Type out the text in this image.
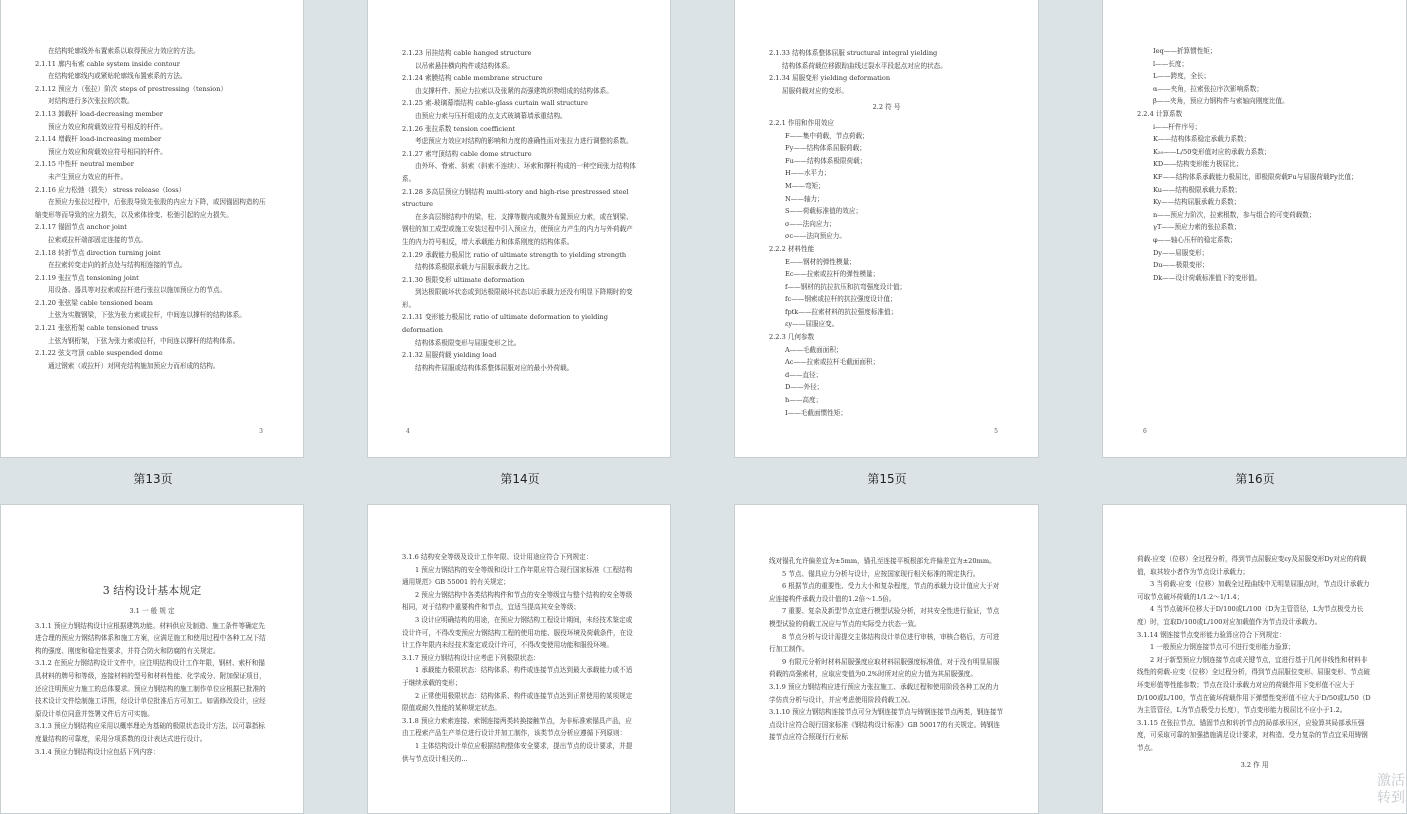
在结构轮廓线外布置索系以取得预应力效应的方法。

2.1.11 廓内布索 cable system inside contour

在结构轮廓线内或紧贴轮廓线布置索系的方法。

2.1.12 预应力（张拉）阶次 steps of prestressing（tension）

对结构进行多次张拉的次数。

2.1.13 卸载杆 load-decreasing member

预应力效应和荷载效应符号相反的杆件。

2.1.14 增载杆 load-increasing member

预应力效应和荷载效应符号相同的杆件。

2.1.15 中性杆 neutral member

未产生预应力效应的杆件。

2.1.16 应力松弛（损失） stress release（loss）

在预应力张拉过程中，后张股导致先张股的内应力下降，或因锚固构造的压缩变形等而导致的应力损失，以及索体徐变、松弛引起的应力损失。

2.1.17 锚固节点 anchor joint

拉索或拉杆端部固定连接的节点。

2.1.18 转折节点 direction turning joint

在拉索转变走向的折点处与结构相连接的节点。

2.1.19 张拉节点 tensioning joint

用设备、器具等对拉索或拉杆进行张拉以施加预应力的节点。

2.1.20 张弦梁 cable tensioned beam

上弦为实腹钢梁，下弦为张力索或拉杆，中间连以撑杆的结构体系。

2.1.21 张弦桁架 cable tensioned truss

上弦为钢桁架，下弦为张力索或拉杆，中间连以撑杆的结构体系。

2.1.22 弦支穹顶 cable suspended dome

通过钢索（或拉杆）对网壳结构施加预应力而形成的结构。

3

2.1.23 吊挂结构 cable hanged structure

以吊索悬挂横向构件或结构体系。

2.1.24 索膜结构 cable membrane structure

由支撑杆件、预应力拉索以及张紧的高强建筑织物组成的结构体系。

2.1.25 索-玻璃幕墙结构 cable-glass curtain wall structure

由预应力索与压杆组成的点支式玻璃幕墙承重结构。

2.1.26 张拉系数 tension coefficient

考虑预应力效应对结构的影响和力度的准确性而对张拉力进行调整的系数。

2.1.27 索穹顶结构 cable dome structure

由外环、脊索、斜索（斜索不连续）、环索和撑杆构成的一种空间张力结构体系。

2.1.28 多高层预应力钢结构 multi-story and high-rise prestressed steel structure

在多高层钢结构中的梁、柱、支撑等腹内或腹外布置预应力索，或在钢梁、钢柱的加工成型或施工安装过程中引入预应力，使预应力产生的内力与外荷载产生的内力符号相反，增大承载能力和体系刚度的结构体系。

2.1.29 承载能力极屈比 ratio of ultimate strength to yielding strength

结构体系极限承载力与屈服承载力之比。

2.1.30 极限变形 ultimate deformation

到达极限破坏状态或到达极限破坏状态以后承载力还没有明显下降期时的变形。

2.1.31 变形能力极屈比 ratio of ultimate deformation to yielding deformation

结构体系极限变形与屈服变形之比。

2.1.32 屈服荷载 yielding load

结构构件屈服或结构体系整体屈服对应的最小外荷载。

4

2.1.33 结构体系整体屈服 structural integral yielding

结构体系荷载位移跟踪曲线过裂水平段起点对应的状态。

2.1.34 屈服变形 yielding deformation

屈服荷载对应的变形。

2.2 符 号

2.2.1 作用和作用效应

F——集中荷载，节点荷载；

Fy——结构体系屈服荷载；

Fu——结构体系极限荷载；

H——水平力；

M——弯矩；

N——轴力；

S——荷载标准值的效应；

σ——法向应力；

σc——法向预应力。

2.2.2 材料性能

E——钢材的弹性模量；

Ec——拉索或拉杆的弹性模量；

f——钢材的抗拉抗压和抗弯强度设计值；

fc——钢索或拉杆的抗拉强度设计值；

fptk——拉索材料的抗拉强度标准值；

εy——屈服应变。

2.2.3 几何参数

A——毛截面面积；

Ac——拉索或拉杆毛截面面积；

d——直径；

D——外径；

h——高度；

I——毛截面惯性矩；

5

Ieq——折算惯性矩；

l——长度；

L——跨度，全长；

α——夹角，拉索张拉序次影响系数；

β——夹角，预应力钢构件与索轴向刚度比值。

2.2.4 计算系数

i——杆件序号；

K——结构体系稳定承载力系数；

K₅₀——L/50变形值对应的承载力系数；

KD——结构变形能力极屈比；

KF——结构体系承载能力极屈比，即极限荷载Fu与屈服荷载Fy比值；

Ku——结构极限承载力系数；

Ky——结构屈服承载力系数；

n——预应力阶次，拉索根数，参与组合的可变荷载数；

γT——预应力索的张拉系数；

φ——轴心压杆的稳定系数；

Dy——屈服变形；

Du——极限变形；

Dk——设计荷载标准值下的变形值。

6
第13页	第14页	第15页	第16页

3 结构设计基本规定

3.1 一 般 规 定

3.1.1 预应力钢结构设计应根据建筑功能、材料供应及制造、施工条件等确定先进合理的预应力钢结构体系和施工方案，应满足施工和使用过程中各种工况下结构的强度、刚度和稳定性要求，并符合防火和防腐的有关规定。

3.1.2 在预应力钢结构设计文件中，应注明结构设计工作年限，钢材、索杆和锚具材料的牌号和等级，连接材料的型号和材料性能、化学成分、附加保证项目，还应注明预应力施工的总体要求。预应力钢结构的施工制作单位应根据已批准的技术设计文件绘制施工详图，经设计单位批准后方可加工。如需修改设计，应经原设计单位同意并签署文件后方可实施。

3.1.3 预应力钢结构应采用以概率理论为基础的极限状态设计方法，以可靠指标度量结构的可靠度，采用分项系数的设计表达式进行设计。

3.1.4 预应力钢结构设计应包括下列内容：

3.1.6 结构安全等级及设计工作年限、设计用途应符合下列规定：

1 预应力钢结构的安全等级和设计工作年限应符合现行国家标准《工程结构通用规范》GB 55001 的有关规定；

2 预应力钢结构中各类结构构件和节点的安全等级宜与整个结构的安全等级相同，对于结构中重要构件和节点，宜适当提高其安全等级；

3 设计应明确结构的用途，在预应力钢结构工程设计期间，未经技术鉴定或设计许可，不得改变预应力钢结构工程的使用功能、服役环境及荷载条件，在设计工作年限内未经技术鉴定或设计许可，不得改变使用功能和服役环境。

3.1.7 预应力钢结构设计应考虑下列极限状态：

1 承载能力极限状态：结构体系、构件或连接节点达到最大承载能力或不适于继续承载的变形；

2 正常使用极限状态：结构体系、构件或连接节点达到正常使用的某项规定限值或耐久性能的某种规定状态。

3.1.8 预应力索索连接、索钢连接两类转换接触节点，为非标准索锚具产品，应由工程索产品生产单位进行设计并加工制作，该类节点分析应遵循下列原则：

1 主体结构设计单位应根据结构整体安全要求，提出节点的设计要求，并提供与节点设计相关的...

线对锚孔允许偏差宜为±5mm，锚孔至连接平板根部允许偏差宜为±20mm。

5 节点、锚具应力分析与设计，应按国家现行相关标准的规定执行。

6 根据节点的重要性、受力大小和复杂程度，节点的承载力设计值应大于对应连接构件承载力设计值的1.2倍～1.5倍。

7 重要、复杂及新型节点宜进行模型试验分析，对其安全性进行验证，节点模型试验的荷载工况应与节点的实际受力状态一致。

8 节点分析与设计需提交主体结构设计单位进行审核，审核合格后，方可进行加工制作。

9 有限元分析时材料屈服强度应取材料屈服强度标准值，对于没有明显屈服荷载的高强索材，应取应变值为0.2%时所对应的应力值为其屈服强度。

3.1.9 预应力钢结构应进行预应力张拉施工、承载过程和使用阶段各种工况的力学仿真分析与设计，并应考虑使用阶段荷载工况。

3.1.10 预应力钢结构连接节点可分为钢连接节点与铸钢连接节点两类，钢连接节点设计应符合现行国家标准《钢结构设计标准》GB 50017的有关规定。铸钢连接节点应符合照现行行业标

荷载-应变（位移）全过程分析，得到节点屈服应变εy及屈服变形Dy对应的荷载值，取其较小者作为节点设计承载力；

3 当荷载-应变（位移）加载全过程曲线中无明显屈服点时，节点设计承载力可取节点破坏荷载的1/1.2～1/1.4；

4 当节点破坏位移大于D/100或L/100（D为主管管径，L为节点极受力长度）时，宜取D/100或L/100对应加载值作为节点设计承载力。

3.1.14 钢连接节点变形能力验算应符合下列规定：

1 一般预应力钢连接节点可不进行变形能力验算；

2 对于新型预应力钢连接节点或关键节点，宜进行基于几何非线性和材料非线性的荷载-应变（位移）全过程分析，得到节点屈服位变形、屈服变形、节点破坏变形值等性能参数；节点在设计承载力对应的荷载作用下变形值不应大于D/100或L/100，节点在破坏荷载作用下弹塑性变形值不应大于D/50或L/50（D为主管管径，L为节点极受力长度），节点变形能力极屈比不应小于1.2。

3.1.15 在张拉节点、锚固节点和转折节点的局部承压区，应验算其局部承压强度，可采取可靠的加强措施满足设计要求，对构造、受力复杂的节点宜采用铸钢节点。

3.2 作 用

激活
转到
